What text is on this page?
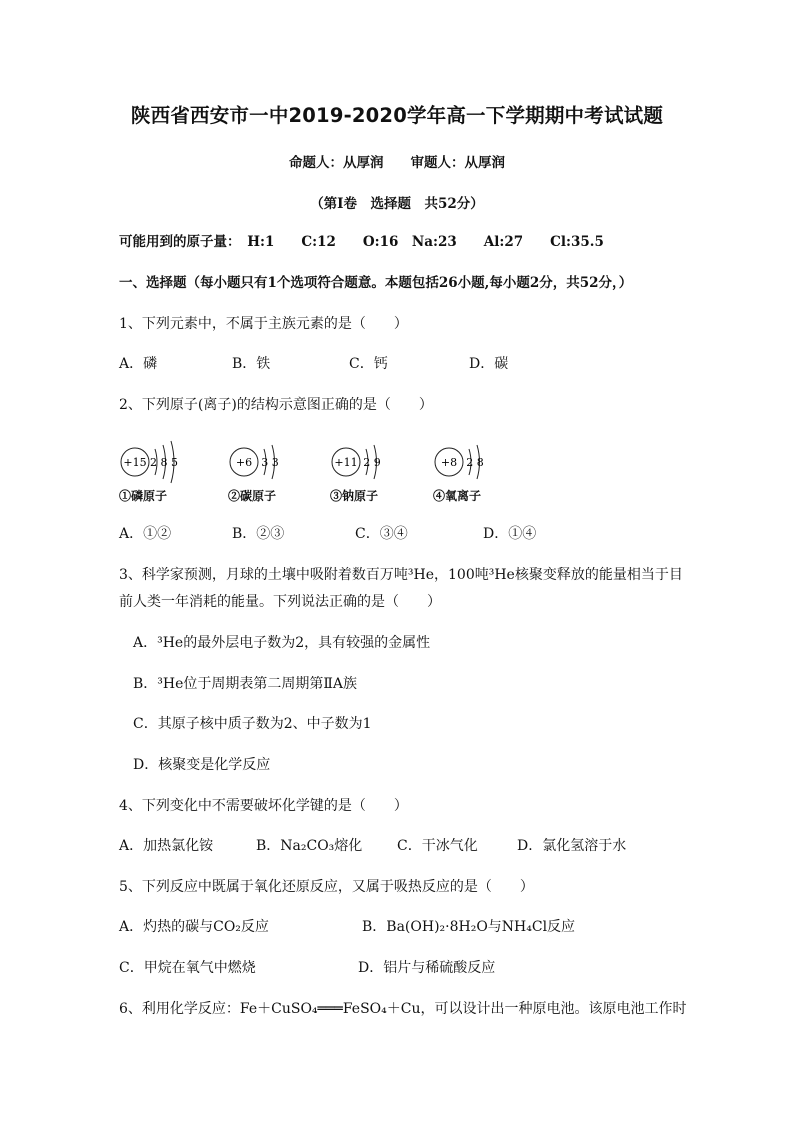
陕西省西安市一中2019-2020学年高一下学期期中考试试题
命题人：从厚润　　审题人：从厚润
（第Ⅰ卷　选择题　共52分）
可能用到的原子量：　H:1　　C:12　　O:16　Na:23　　Al:27　　Cl:35.5
一、选择题（每小题只有1个选项符合题意。本题包括26小题,每小题2分，共52分，）
1、下列元素中，不属于主族元素的是（　　）
A．磷	B．铁	C．钙	D．碳
2、下列原子(离子)的结构示意图正确的是（　　）
+15 2 8 5
①磷原子
+6 3 3
②碳原子
+11 2 9
③钠原子
+8 2 8
④氧离子
A．①②	B．②③	C．③④	D．①④
3、科学家预测，月球的土壤中吸附着数百万吨³He，100吨³He核聚变释放的能量相当于目
前人类一年消耗的能量。下列说法正确的是（　　）
A．³He的最外层电子数为2，具有较强的金属性
B．³He位于周期表第二周期第ⅡA族
C．其原子核中质子数为2、中子数为1
D．核聚变是化学反应
4、下列变化中不需要破坏化学键的是（　　）
A．加热氯化铵	B．Na₂CO₃熔化 C．干冰气化	D．氯化氢溶于水
5、下列反应中既属于氧化还原反应，又属于吸热反应的是（　　）
A．灼热的碳与CO₂反应	B．Ba(OH)₂·8H₂O与NH₄Cl反应
C．甲烷在氧气中燃烧	D．铝片与稀硫酸反应
6、利用化学反应：Fe＋CuSO₄═══FeSO₄＋Cu，可以设计出一种原电池。该原电池工作时
